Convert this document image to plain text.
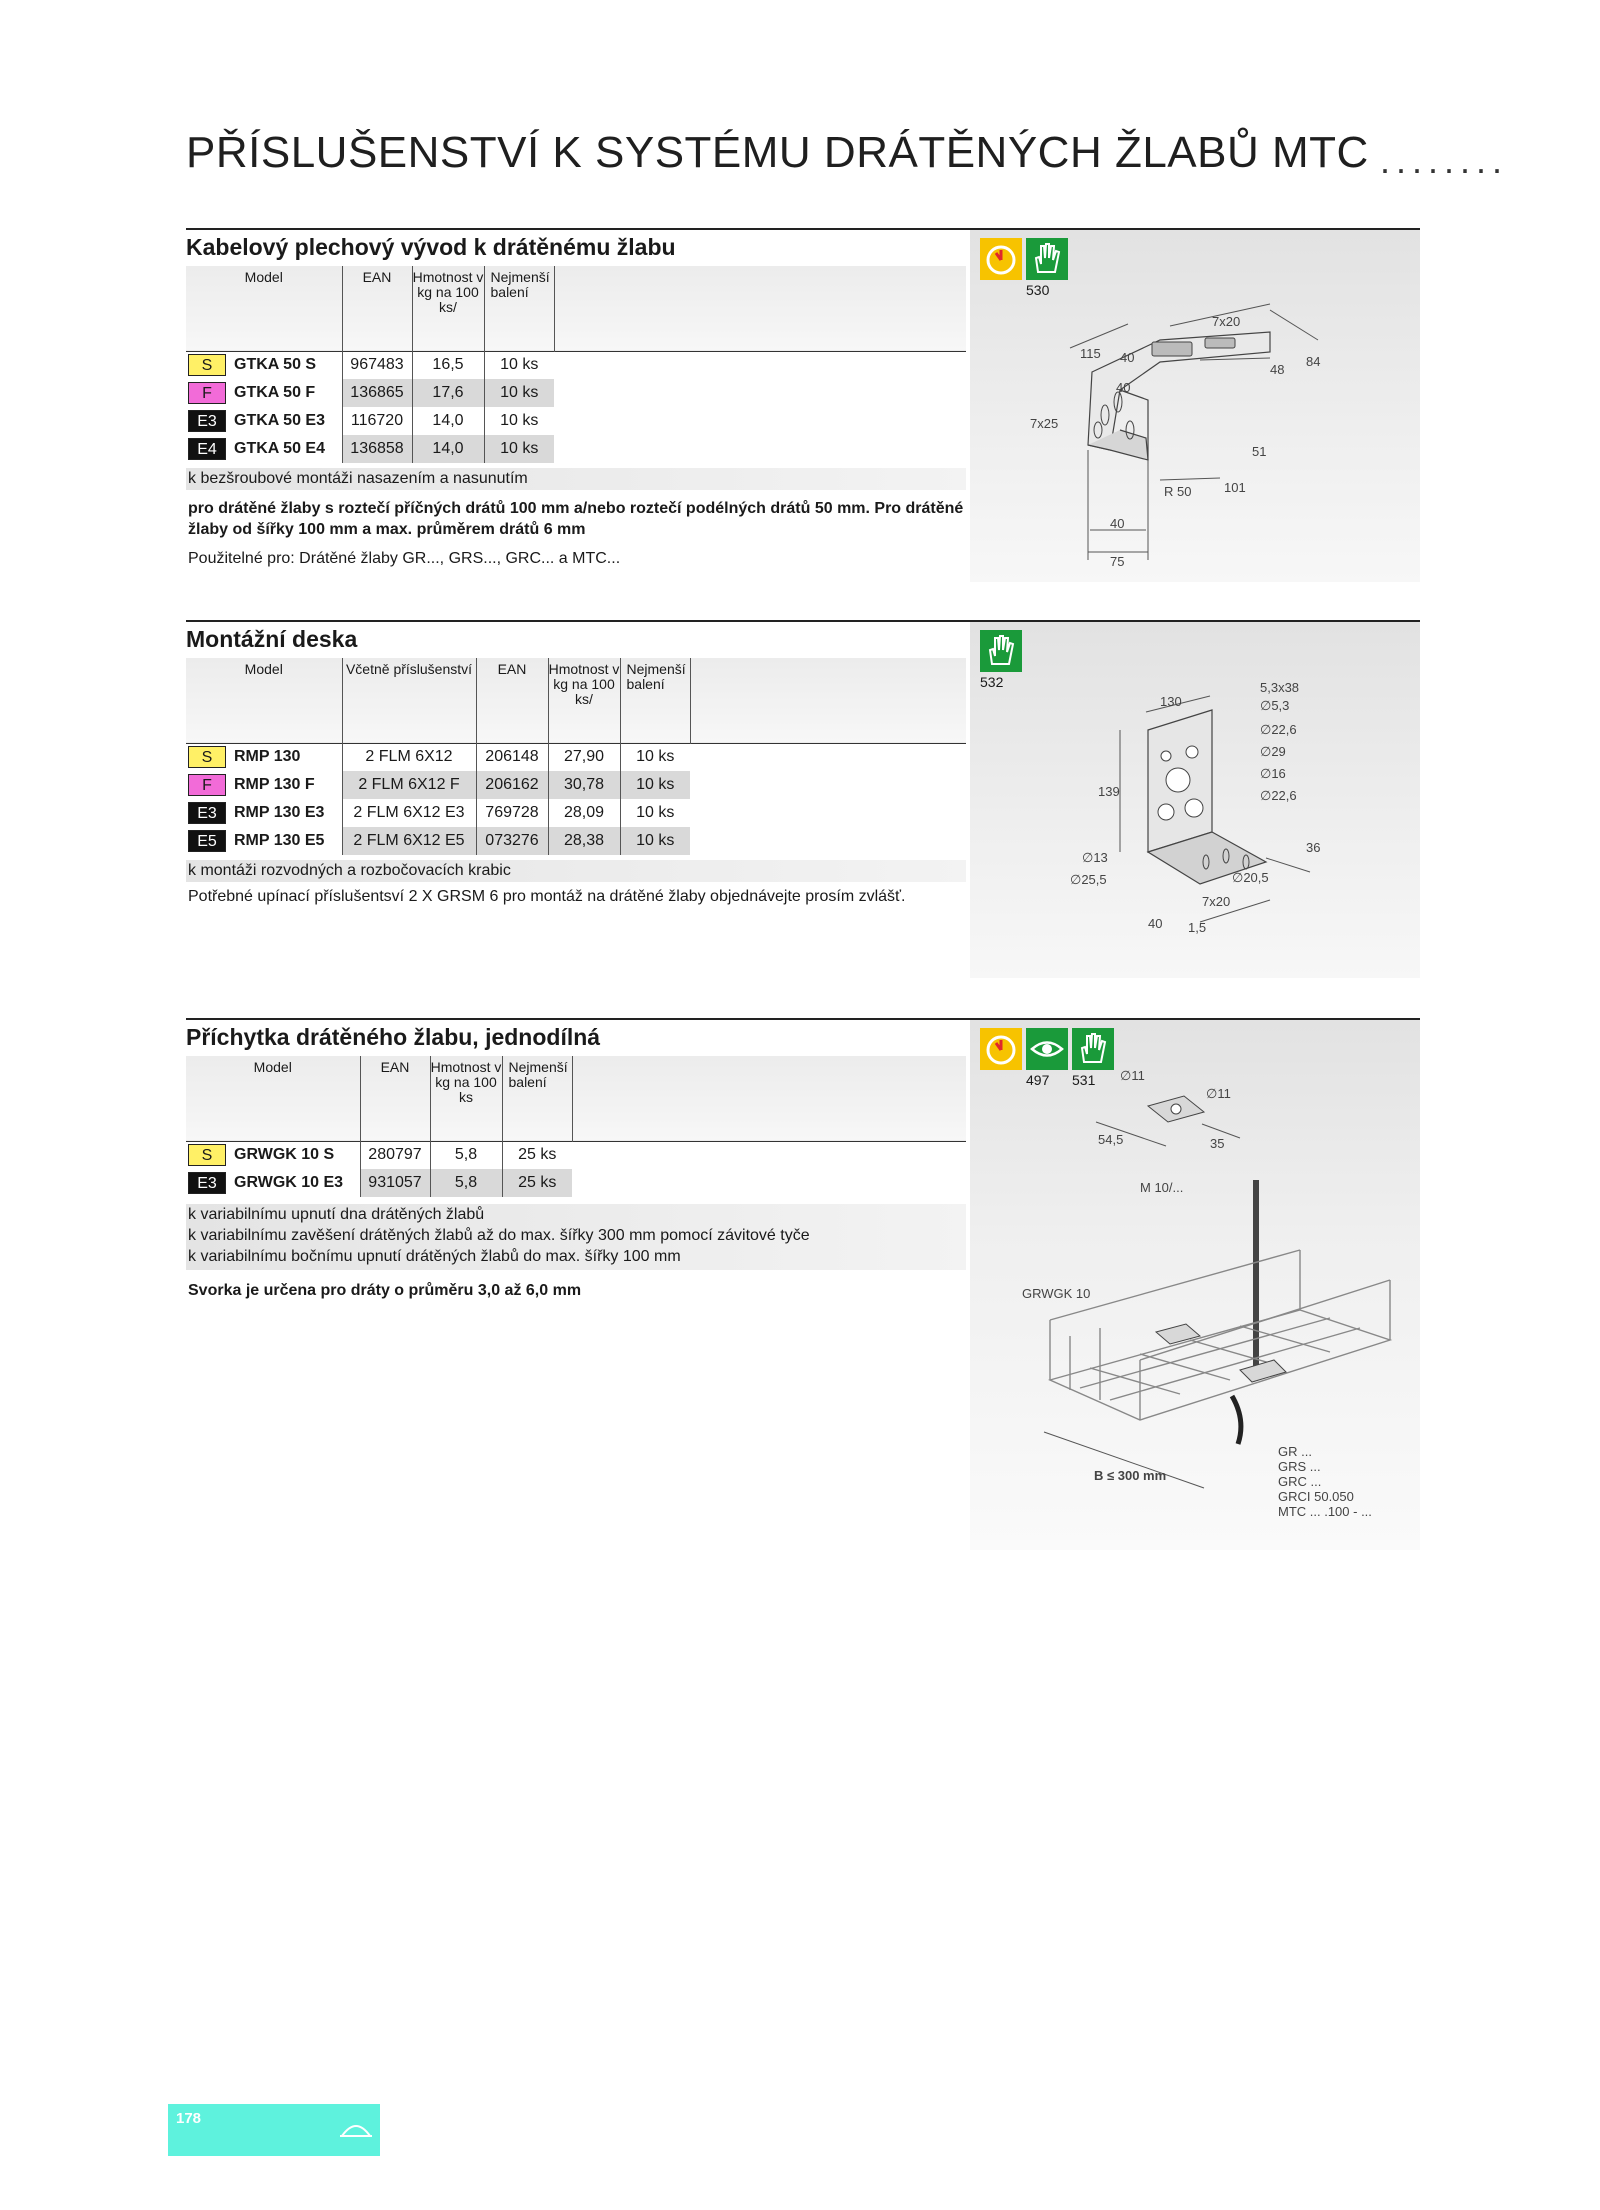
PŘÍSLUŠENSTVÍ K SYSTÉMU DRÁTĚNÝCH ŽLABŮ MTC ........
Kabelový plechový vývod k drátěnému žlabu
Model		EAN	Hmotnost v kg na 100 ks/	Nejmenší balení	
S	GTKA 50 S	967483	16,5	10 ks	
F	GTKA 50 F	136865	17,6	10 ks	
E3	GTKA 50 E3	116720	14,0	10 ks	
E4	GTKA 50 E4	136858	14,0	10 ks	
k bezšroubové montáži nasazením a nasunutím
pro drátěné žlaby s roztečí příčných drátů 100 mm a/nebo roztečí podélných drátů 50 mm. Pro drátěné žlaby od šířky 100 mm a max. průměrem drátů 6 mm
Použitelné pro: Drátěné žlaby GR..., GRS..., GRC... a MTC...
530
7x20
115 40
40
48
84
7x25
51
R 50	101
40
75
Montážní deska
Model		Včetně příslušenství	EAN	Hmotnost v kg na 100 ks/	Nejmenší balení	
S	RMP 130	2 FLM 6X12	206148	27,90	10 ks	
F	RMP 130 F	2 FLM 6X12 F	206162	30,78	10 ks	
E3	RMP 130 E3	2 FLM 6X12 E3	769728	28,09	10 ks	
E5	RMP 130 E5	2 FLM 6X12 E5	073276	28,38	10 ks	
k montáži rozvodných a rozbočovacích krabic
Potřebné upínací příslušentsví 2 X GRSM 6 pro montáž na drátěné žlaby objednávejte prosím zvlášť.
532	5,3x38
130	∅5,3
∅22,6
∅29
∅16
139	∅22,6
36
∅13
∅25,5	∅20,5
7x20
40 1,5
Příchytka drátěného žlabu, jednodílná
Model		EAN	Hmotnost v kg na 100 ks	Nejmenší balení	
S	GRWGK 10 S	280797	5,8	25 ks	
E3	GRWGK 10 E3	931057	5,8	25 ks	
k variabilnímu upnutí dna drátěných žlabů
k variabilnímu zavěšení drátěných žlabů až do max. šířky 300 mm pomocí závitové tyče
k variabilnímu bočnímu upnutí drátěných žlabů do max. šířky 100 mm
Svorka je určena pro dráty o průměru 3,0 až 6,0 mm
497 531 ∅11
∅11
54,5	35
M 10/...
GRWGK 10
B ≤ 300 mm
GR ...
GRS ...
GRC ...
GRCI 50.050
MTC ... .100 - ...
178
